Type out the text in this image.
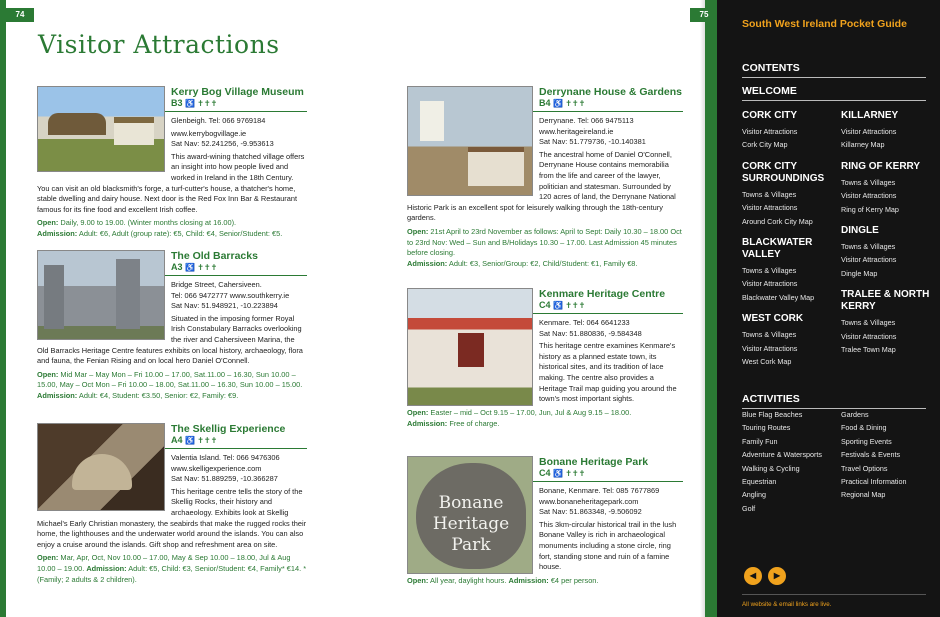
74
Visitor Attractions
Kerry Bog Village Museum
B3 ♿ ✝✝✝

Glenbeigh. Tel: 066 9769184

www.kerrybogvillage.ie

Sat Nav: 52.241256, -9.953613

This award-wining thatched village offers an insight into how people lived and worked in Ireland in the 18th Century. You can visit an old blacksmith's forge, a turf-cutter's house, a thatcher's home, stable dwelling and dairy house. Next door is the Red Fox Inn Bar & Restaurant famous for its fine food and excellent Irish coffee.

Open: Daily, 9.00 to 19.00. (Winter months closing at 16.00).
Admission: Adult: €6, Adult (group rate): €5, Child: €4, Senior/Student: €5.

The Old Barracks
A3 ♿ ✝✝✝

Bridge Street, Cahersiveen.

Tel: 066 9472777 www.southkerry.ie

Sat Nav: 51.948921, -10.223894

Situated in the imposing former Royal Irish Constabulary Barracks overlooking the river and Cahersiveen Marina, the Old Barracks Heritage Centre features exhibits on local history, archaeology, flora and fauna, the Fenian Rising and on local hero Daniel O'Connell.

Open: Mid Mar – May Mon – Fri 10.00 – 17.00, Sat.11.00 – 16.30, Sun 10.00 – 15.00, May – Oct Mon – Fri 10.00 – 18.00, Sat.11.00 – 16.30, Sun 10.00 – 15.00. Admission: Adult: €4, Student: €3.50, Senior: €2, Family: €9.

The Skellig Experience
A4 ♿ ✝✝✝

Valentia Island. Tel: 066 9476306

www.skelligexperience.com

Sat Nav: 51.889259, -10.366287

This heritage centre tells the story of the Skellig Rocks, their history and archaeology. Exhibits look at Skellig Michael's Early Christian monastery, the seabirds that make the rugged rocks their home, the lighthouses and the underwater world around the islands. You can also enjoy a cruise around the islands. Gift shop and refreshment area on site.

Open: Mar, Apr, Oct, Nov 10.00 – 17.00, May & Sep 10.00 – 18.00, Jul & Aug 10.00 – 19.00. Admission: Adult: €5, Child: €3, Senior/Student: €4, Family* €14. *(Family; 2 adults & 2 children).

75
Derrynane House & Gardens
B4 ♿ ✝✝✝

Derrynane. Tel: 066 9475113

www.heritageireland.ie

Sat Nav: 51.779736, -10.140381

The ancestral home of Daniel O'Connell, Derrynane House contains memorabilia from the life and career of the lawyer, politician and statesman. Surrounded by 120 acres of land, the Derrynane National Historic Park is an excellent spot for leisurely walking through the 18th-century gardens.

Open: 21st April to 23rd November as follows: April to Sept: Daily 10.30 – 18.00 Oct to 23rd Nov: Wed – Sun and B/Holidays 10.30 – 17.00. Last Admission 45 minutes before closing.
Admission: Adult: €3, Senior/Group: €2, Child/Student: €1, Family €8.

Kenmare Heritage Centre
C4 ♿ ✝✝✝

Kenmare. Tel: 064 6641233

Sat Nav: 51.880836, -9.584348

This heritage centre examines Kenmare's history as a planned estate town, its historical sites, and its tradition of lace making. The centre also provides a Heritage Trail map guiding you around the town's most important sights.

Open: Easter – mid – Oct 9.15 – 17.00, Jun, Jul & Aug 9.15 – 18.00.
Admission: Free of charge.

Bonane
Heritage
Park
Bonane Heritage Park
C4 ♿ ✝✝✝

Bonane, Kenmare. Tel: 085 7677869

www.bonaneheritagepark.com

Sat Nav: 51.863348, -9.506092

This 3km-circular historical trail in the lush Bonane Valley is rich in archaeological monuments including a stone circle, ring fort, standing stone and ruin of a famine house.

Open: All year, daylight hours. Admission: €4 per person.

South West Ireland Pocket Guide
CONTENTS
WELCOME
CORK CITY
Visitor Attractions
Cork City Map
CORK CITY SURROUNDINGS
Towns & Villages
Visitor Attractions
Around Cork City Map
BLACKWATER VALLEY
Towns & Villages
Visitor Attractions
Blackwater Valley Map
WEST CORK
Towns & Villages
Visitor Attractions
West Cork Map
KILLARNEY
Visitor Attractions
Killarney Map
RING OF KERRY
Towns & Villages
Visitor Attractions
Ring of Kerry Map
DINGLE
Towns & Villages
Visitor Attractions
Dingle Map
TRALEE & NORTH KERRY
Towns & Villages
Visitor Attractions
Tralee Town Map
ACTIVITIES
Blue Flag Beaches
Touring Routes
Family Fun
Adventure & Watersports
Walking & Cycling
Equestrian
Angling
Golf
Gardens
Food & Dining
Sporting Events
Festivals & Events
Travel Options
Practical Information
Regional Map
◀	▶
All website & email links are live.
